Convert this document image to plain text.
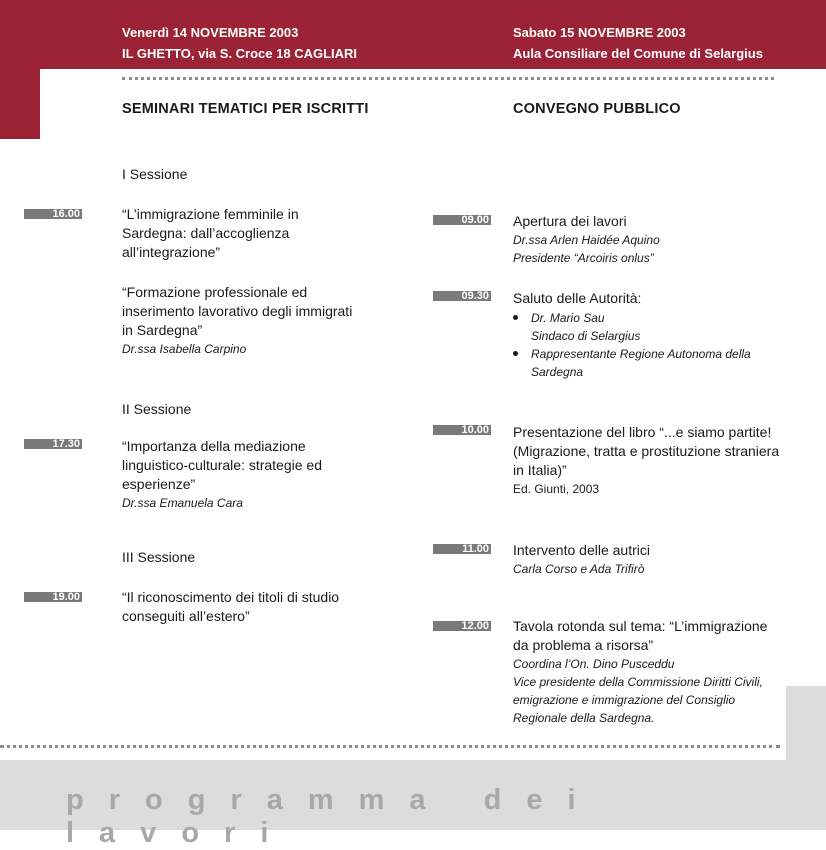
Venerdì 14 NOVEMBRE 2003
IL GHETTO, via S. Croce 18 CAGLIARI
Sabato 15 NOVEMBRE 2003
Aula Consiliare del Comune di Selargius
SEMINARI TEMATICI PER ISCRITTI	CONVEGNO PUBBLICO
I Sessione
16.00	“L’immigrazione femminile in Sardegna: dall’accoglienza all’integrazione”
“Formazione professionale ed inserimento lavorativo degli immigrati in Sardegna”
Dr.ssa Isabella Carpino
II Sessione
17.30	“Importanza della mediazione linguistico-culturale: strategie ed esperienze”
Dr.ssa Emanuela Cara
III Sessione
19.00	“Il riconoscimento dei titoli di studio conseguiti all’estero”
09.00 Apertura dei lavori
Dr.ssa Arlen Haidée Aquino
Presidente “Arcoiris onlus”
09.30 Saluto delle Autorità:
Dr. Mario Sau
Sindaco di Selargius
Rappresentante Regione Autonoma della
Sardegna
10.00 Presentazione del libro “...e siamo partite! (Migrazione, tratta e prostituzione straniera in Italia)”
Ed. Giunti, 2003
11.00 Intervento delle autrici
Carla Corso e Ada Trifirò
12.00 Tavola rotonda sul tema: “L’immigrazione da problema a risorsa”
Coordina l’On. Dino Pusceddu
Vice presidente della Commissione Diritti Civili, emigrazione e immigrazione del Consiglio Regionale della Sardegna.
programma dei lavori
